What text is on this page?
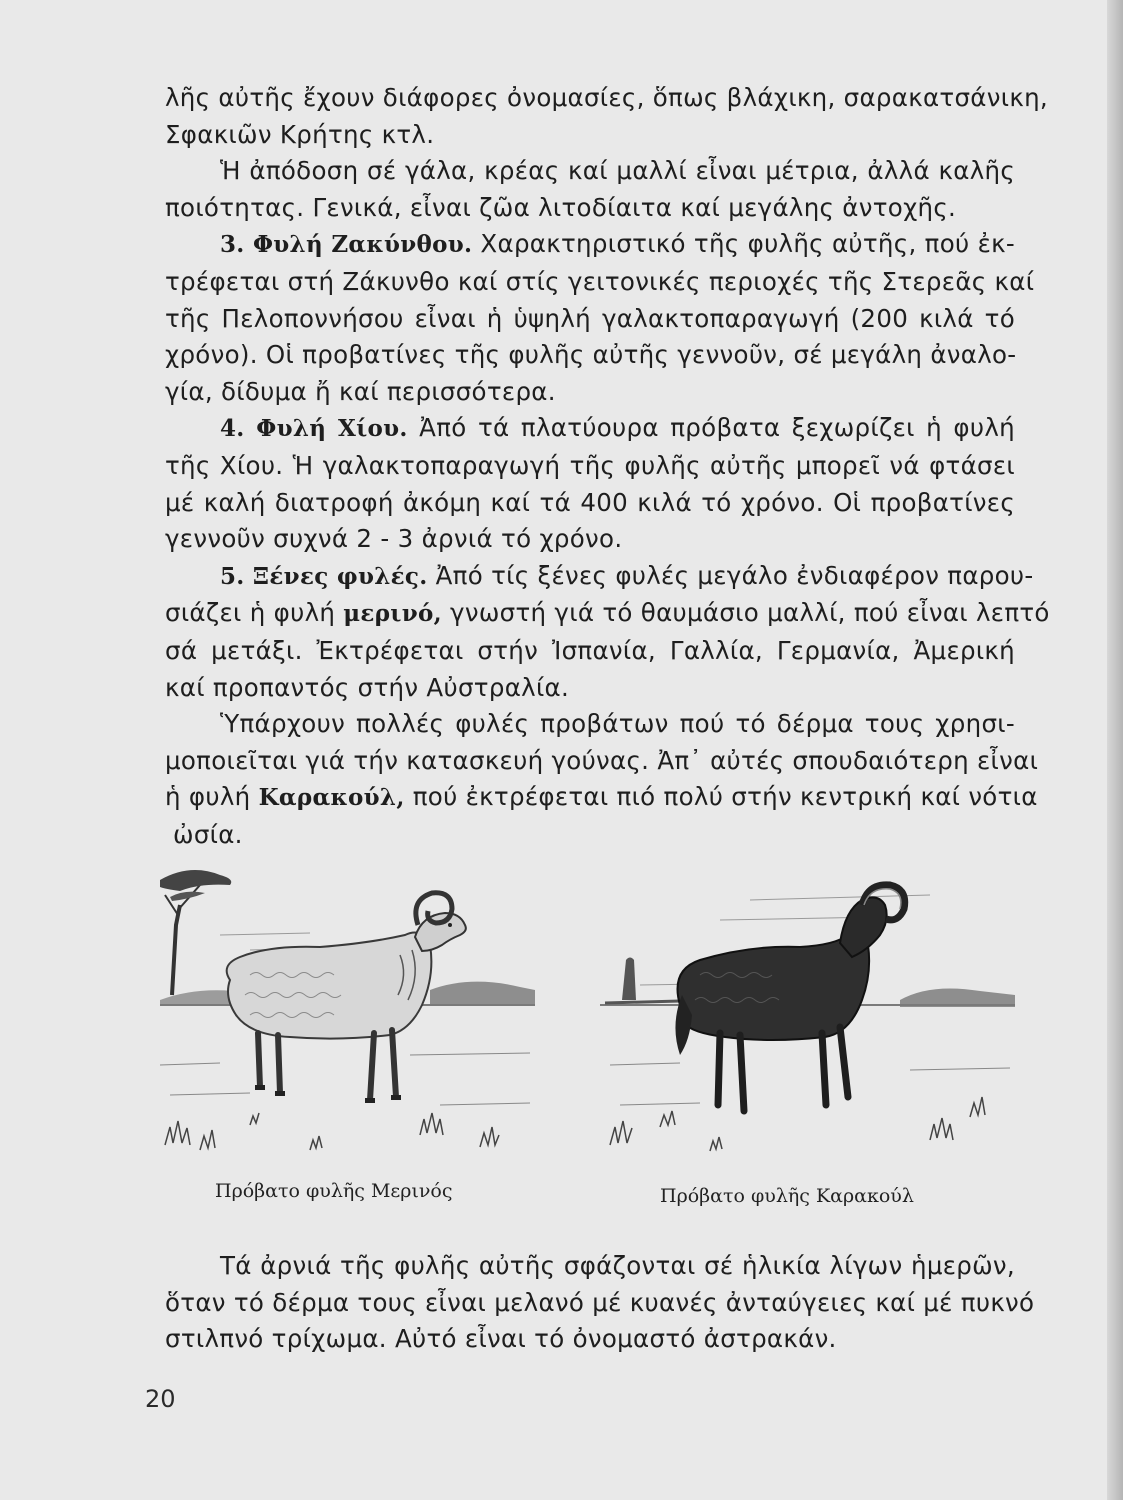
λῆς αὐτῆς ἔχουν διάφορες ὀνομασίες, ὅπως βλάχικη, σαρακατσάνικη,
Σφακιῶν Κρήτης κτλ.

Ἡ ἀπόδοση σέ γάλα, κρέας καί μαλλί εἶναι μέτρια, ἀλλά καλῆς
ποιότητας. Γενικά, εἶναι ζῶα λιτοδίαιτα καί μεγάλης ἀντοχῆς.

3. Φυλή Ζακύνθου. Χαρακτηριστικό τῆς φυλῆς αὐτῆς, πού ἐκ-
τρέφεται στή Ζάκυνθο καί στίς γειτονικές περιοχές τῆς Στερεᾶς καί
τῆς Πελοποννήσου εἶναι ἡ ὑψηλή γαλακτοπαραγωγή (200 κιλά τό
χρόνο). Οἱ προβατίνες τῆς φυλῆς αὐτῆς γεννοῦν, σέ μεγάλη ἀναλο-
γία, δίδυμα ἤ καί περισσότερα.

4. Φυλή Χίου. Ἀπό τά πλατύουρα πρόβατα ξεχωρίζει ἡ φυλή
τῆς Χίου. Ἡ γαλακτοπαραγωγή τῆς φυλῆς αὐτῆς μπορεῖ νά φτάσει
μέ καλή διατροφή ἀκόμη καί τά 400 κιλά τό χρόνο. Οἱ προβατίνες
γεννοῦν συχνά 2 - 3 ἀρνιά τό χρόνο.

5. Ξένες φυλές. Ἀπό τίς ξένες φυλές μεγάλο ἐνδιαφέρον παρου-
σιάζει ἡ φυλή μερινό, γνωστή γιά τό θαυμάσιο μαλλί, πού εἶναι λεπτό
σά μετάξι. Ἐκτρέφεται στήν Ἰσπανία, Γαλλία, Γερμανία, Ἀμερική
καί προπαντός στήν Αὐστραλία.

Ὑπάρχουν πολλές φυλές προβάτων πού τό δέρμα τους χρησι-
μοποιεῖται γιά τήν κατασκευή γούνας. Ἀπ᾽ αὐτές σπουδαιότερη εἶναι
ἡ φυλή Καρακούλ, πού ἐκτρέφεται πιό πολύ στήν κεντρική καί νότια
ὠσία.

Πρόβατο φυλῆς Μερινός	Πρόβατο φυλῆς Καρακούλ

Τά ἀρνιά τῆς φυλῆς αὐτῆς σφάζονται σέ ἡλικία λίγων ἡμερῶν,
ὅταν τό δέρμα τους εἶναι μελανό μέ κυανές ἀνταύγειες καί μέ πυκνό
στιλπνό τρίχωμα. Αὐτό εἶναι τό ὀνομαστό ἀστρακάν.

20
